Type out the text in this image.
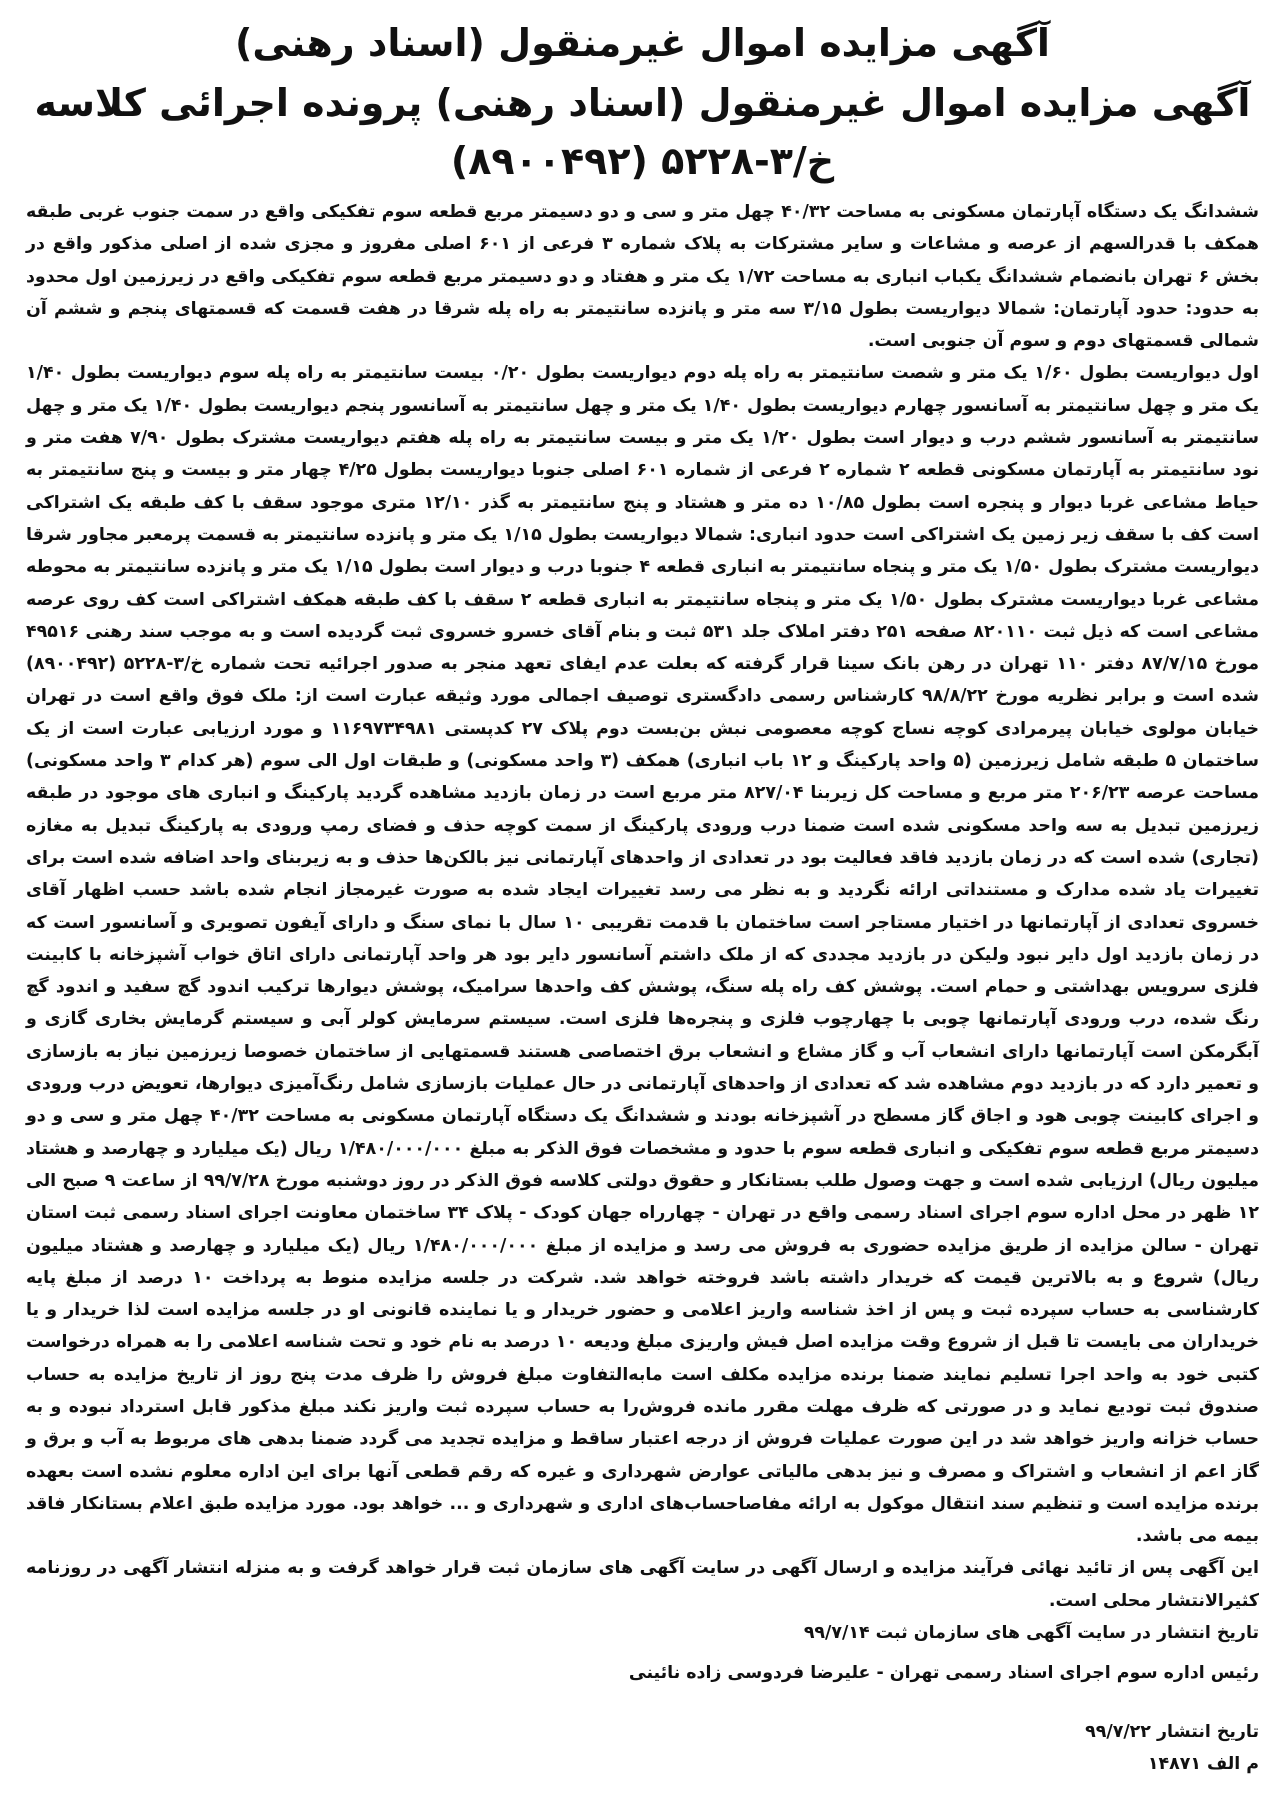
آگهی مزایده اموال غیرمنقول (اسناد رهنی)
آگهی مزایده اموال غیرمنقول (اسناد رهنی) پرونده اجرائی کلاسه خ/۳-۵۲۲۸ (۸۹۰۰۴۹۲)

ششدانگ یک دستگاه آپارتمان مسکونی به مساحت ۴۰/۳۲ چهل متر و سی و دو دسیمتر مربع قطعه سوم تفکیکی واقع در سمت جنوب غربی طبقه همکف با قدرالسهم از عرصه و مشاعات و سایر مشترکات به پلاک شماره ۳ فرعی از ۶۰۱ اصلی مفروز و مجزی شده از اصلی مذکور واقع در بخش ۶ تهران بانضمام ششدانگ یکباب انباری به مساحت ۱/۷۲ یک متر و هفتاد و دو دسیمتر مربع قطعه سوم تفکیکی واقع در زیرزمین اول محدود به حدود: حدود آپارتمان: شمالا دیواریست بطول ۳/۱۵ سه متر و پانزده سانتیمتر به راه پله شرقا در هفت قسمت که قسمتهای پنجم و ششم آن شمالی قسمتهای دوم و سوم آن جنوبی است.

اول دیواریست بطول ۱/۶۰ یک متر و شصت سانتیمتر به راه پله دوم دیواریست بطول ۰/۲۰ بیست سانتیمتر به راه پله سوم دیواریست بطول ۱/۴۰ یک متر و چهل سانتیمتر به آسانسور چهارم دیواریست بطول ۱/۴۰ یک متر و چهل سانتیمتر به آسانسور پنجم دیواریست بطول ۱/۴۰ یک متر و چهل سانتیمتر به آسانسور ششم درب و دیوار است بطول ۱/۲۰ یک متر و بیست سانتیمتر به راه پله هفتم دیواریست مشترک بطول ۷/۹۰ هفت متر و نود سانتیمتر به آپارتمان مسکونی قطعه ۲ شماره ۲ فرعی از شماره ۶۰۱ اصلی جنوبا دیواریست بطول ۴/۲۵ چهار متر و بیست و پنج سانتیمتر به حیاط مشاعی غربا دیوار و پنجره است بطول ۱۰/۸۵ ده متر و هشتاد و پنج سانتیمتر به گذر ۱۲/۱۰ متری موجود سقف با کف طبقه یک اشتراکی است کف با سقف زیر زمین یک اشتراکی است حدود انباری: شمالا دیواریست بطول ۱/۱۵ یک متر و پانزده سانتیمتر به قسمت پرمعبر مجاور شرقا دیواریست مشترک بطول ۱/۵۰ یک متر و پنجاه سانتیمتر به انباری قطعه ۴ جنوبا درب و دیوار است بطول ۱/۱۵ یک متر و پانزده سانتیمتر به محوطه مشاعی غربا دیواریست مشترک بطول ۱/۵۰ یک متر و پنجاه سانتیمتر به انباری قطعه ۲ سقف با کف طبقه همکف اشتراکی است کف روی عرصه مشاعی است که ذیل ثبت ۸۲۰۱۱۰ صفحه ۲۵۱ دفتر املاک جلد ۵۳۱ ثبت و بنام آقای خسرو خسروی ثبت گردیده است و به موجب سند رهنی ۴۹۵۱۶ مورخ ۸۷/۷/۱۵ دفتر ۱۱۰ تهران در رهن بانک سینا قرار گرفته که بعلت عدم ایفای تعهد منجر به صدور اجرائیه تحت شماره خ/۳-۵۲۲۸ (۸۹۰۰۴۹۲) شده است و برابر نظریه مورخ ۹۸/۸/۲۲ کارشناس رسمی دادگستری توصیف اجمالی مورد وثیقه عبارت است از: ملک فوق واقع است در تهران خیابان مولوی خیابان پیرمرادی کوچه نساج کوچه معصومی نبش بن‌بست دوم پلاک ۲۷ کدپستی ۱۱۶۹۷۳۴۹۸۱ و مورد ارزیابی عبارت است از یک ساختمان ۵ طبقه شامل زیرزمین (۵ واحد پارکینگ و ۱۲ باب انباری) همکف (۳ واحد مسکونی) و طبقات اول الی سوم (هر کدام ۳ واحد مسکونی) مساحت عرصه ۲۰۶/۲۳ متر مربع و مساحت کل زیربنا ۸۲۷/۰۴ متر مربع است در زمان بازدید مشاهده گردید پارکینگ و انباری های موجود در طبقه زیرزمین تبدیل به سه واحد مسکونی شده است ضمنا درب ورودی پارکینگ از سمت کوچه حذف و فضای رمپ ورودی به پارکینگ تبدیل به مغازه (تجاری) شده است که در زمان بازدید فاقد فعالیت بود در تعدادی از واحدهای آپارتمانی نیز بالکن‌ها حذف و به زیربنای واحد اضافه شده است برای تغییرات یاد شده مدارک و مستنداتی ارائه نگردید و به نظر می رسد تغییرات ایجاد شده به صورت غیرمجاز انجام شده باشد حسب اظهار آقای خسروی تعدادی از آپارتمانها در اختیار مستاجر است ساختمان با قدمت تقریبی ۱۰ سال با نمای سنگ و دارای آیفون تصویری و آسانسور است که در زمان بازدید اول دایر نبود ولیکن در بازدید مجددی که از ملک داشتم آسانسور دایر بود هر واحد آپارتمانی دارای اتاق خواب آشپزخانه با کابینت فلزی سرویس بهداشتی و حمام است. پوشش کف راه پله سنگ، پوشش کف واحدها سرامیک، پوشش دیوارها ترکیب اندود گچ سفید و اندود گچ رنگ شده، درب ورودی آپارتمانها چوبی با چهارچوب فلزی و پنجره‌ها فلزی است. سیستم سرمایش کولر آبی و سیستم گرمایش بخاری گازی و آبگرمکن است آپارتمانها دارای انشعاب آب و گاز مشاع و انشعاب برق اختصاصی هستند قسمتهایی از ساختمان خصوصا زیرزمین نیاز به بازسازی و تعمیر دارد که در بازدید دوم مشاهده شد که تعدادی از واحدهای آپارتمانی در حال عملیات بازسازی شامل رنگ‌آمیزی دیوارها، تعویض درب ورودی و اجرای کابینت چوبی هود و اجاق گاز مسطح در آشپزخانه بودند و ششدانگ یک دستگاه آپارتمان مسکونی به مساحت ۴۰/۳۲ چهل متر و سی و دو دسیمتر مربع قطعه سوم تفکیکی و انباری قطعه سوم با حدود و مشخصات فوق الذکر به مبلغ ۱/۴۸۰/۰۰۰/۰۰۰ ریال (یک میلیارد و چهارصد و هشتاد میلیون ریال) ارزیابی شده است و جهت وصول طلب بستانکار و حقوق دولتی کلاسه فوق الذکر در روز دوشنبه مورخ ۹۹/۷/۲۸ از ساعت ۹ صبح الی ۱۲ ظهر در محل اداره سوم اجرای اسناد رسمی واقع در تهران - چهارراه جهان کودک - پلاک ۳۴ ساختمان معاونت اجرای اسناد رسمی ثبت استان تهران - سالن مزایده از طریق مزایده حضوری به فروش می رسد و مزایده از مبلغ ۱/۴۸۰/۰۰۰/۰۰۰ ریال (یک میلیارد و چهارصد و هشتاد میلیون ریال) شروع و به بالاترین قیمت که خریدار داشته باشد فروخته خواهد شد. شرکت در جلسه مزایده منوط به پرداخت ۱۰ درصد از مبلغ پایه کارشناسی به حساب سپرده ثبت و پس از اخذ شناسه واریز اعلامی و حضور خریدار و یا نماینده قانونی او در جلسه مزایده است لذا خریدار و یا خریداران می بایست تا قبل از شروع وقت مزایده اصل فیش واریزی مبلغ ودیعه ۱۰ درصد به نام خود و تحت شناسه اعلامی را به همراه درخواست کتبی خود به واحد اجرا تسلیم نمایند ضمنا برنده مزایده مکلف است مابه‌التفاوت مبلغ فروش را ظرف مدت پنج روز از تاریخ مزایده به حساب صندوق ثبت تودیع نماید و در صورتی که ظرف مهلت مقرر مانده فروش‌را به حساب سپرده ثبت واریز نکند مبلغ مذکور قابل استرداد نبوده و به حساب خزانه واریز خواهد شد در این صورت عملیات فروش از درجه اعتبار ساقط و مزایده تجدید می گردد ضمنا بدهی های مربوط به آب و برق و گاز اعم از انشعاب و اشتراک و مصرف و نیز بدهی مالیاتی عوارض شهرداری و غیره که رقم قطعی آنها برای این اداره معلوم نشده است بعهده برنده مزایده است و تنظیم سند انتقال موکول به ارائه مفاصاحساب‌های اداری و شهرداری و ... خواهد بود. مورد مزایده طبق اعلام بستانکار فاقد بیمه می باشد.

این آگهی پس از تائید نهائی فرآیند مزایده و ارسال آگهی در سایت آگهی های سازمان ثبت قرار خواهد گرفت و به منزله انتشار آگهی در روزنامه کثیرالانتشار محلی است.

تاریخ انتشار در سایت آگهی های سازمان ثبت ۹۹/۷/۱۴

رئیس اداره سوم اجرای اسناد رسمی تهران - علیرضا فردوسی زاده نائینی

تاریخ انتشار ۹۹/۷/۲۲

م الف ۱۴۸۷۱
